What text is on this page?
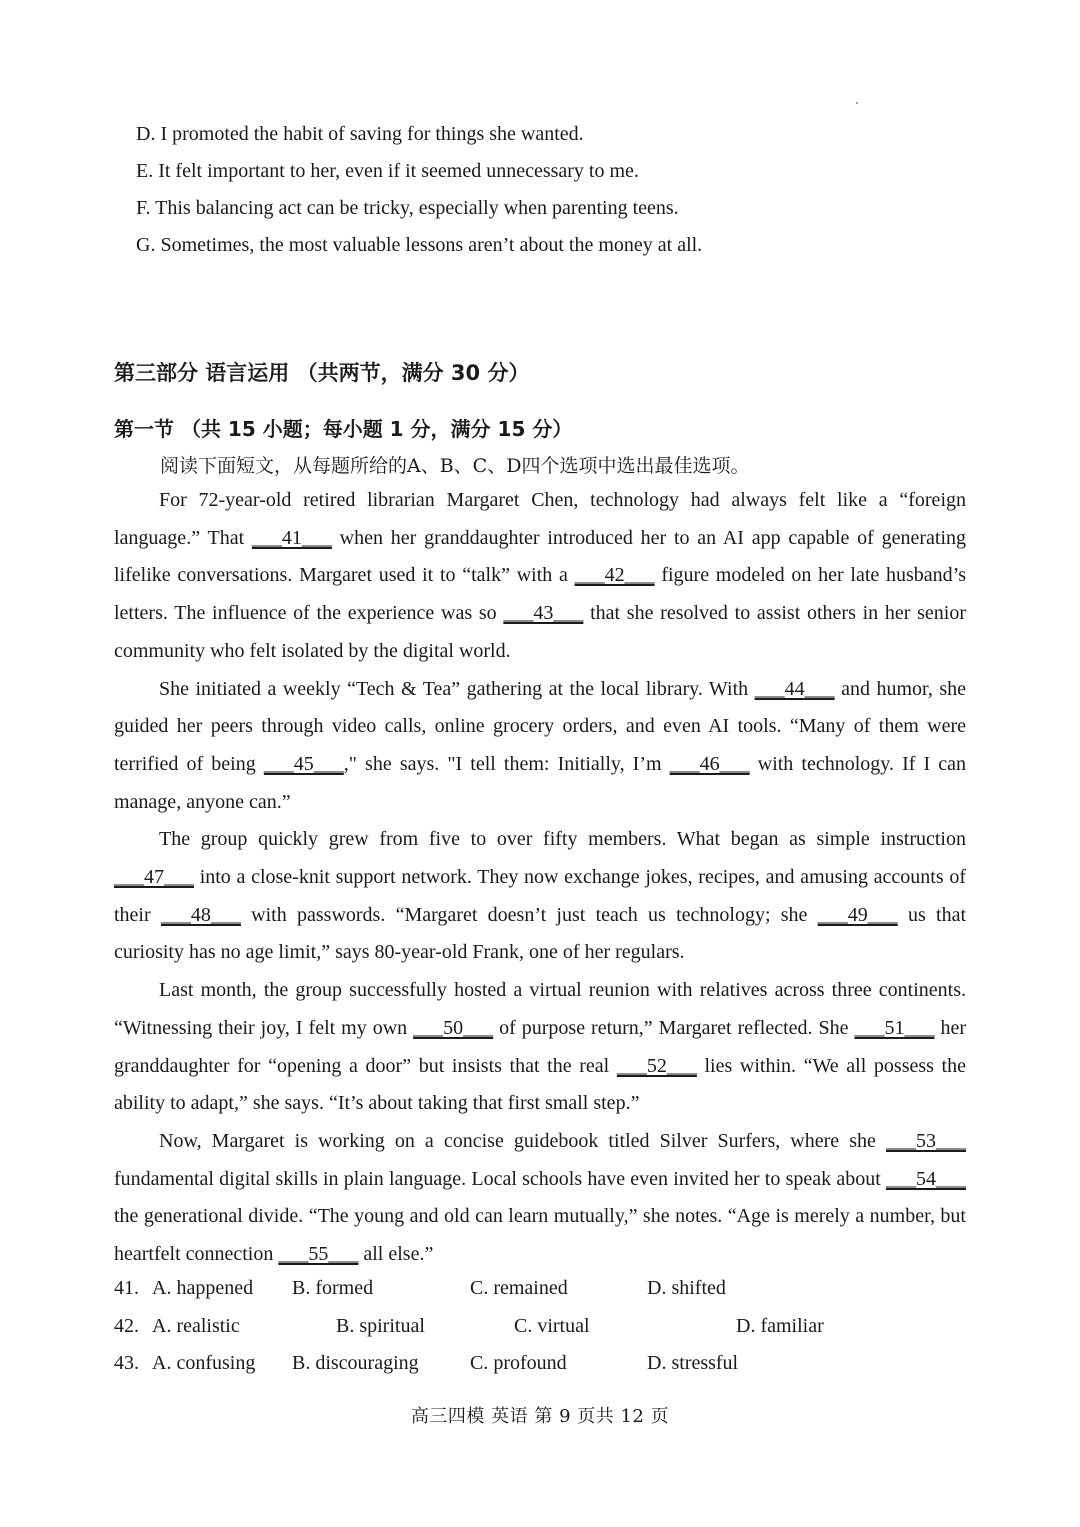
D. I promoted the habit of saving for things she wanted.
E. It felt important to her, even if it seemed unnecessary to me.
F. This balancing act can be tricky, especially when parenting teens.
G. Sometimes, the most valuable lessons aren’t about the money at all.
第三部分 语言运用 （共两节，满分 30 分）
第一节 （共 15 小题；每小题 1 分，满分 15 分）
阅读下面短文，从每题所给的A、B、C、D四个选项中选出最佳选项。

For 72-year-old retired librarian Margaret Chen, technology had always felt like a “foreign language.” That ___41___ when her granddaughter introduced her to an AI app capable of generating lifelike conversations. Margaret used it to “talk” with a ___42___ figure modeled on her late husband’s letters. The influence of the experience was so ___43___ that she resolved to assist others in her senior community who felt isolated by the digital world.

She initiated a weekly “Tech & Tea” gathering at the local library. With ___44___ and humor, she guided her peers through video calls, online grocery orders, and even AI tools. “Many of them were terrified of being ___45___," she says. "I tell them: Initially, I’m ___46___ with technology. If I can manage, anyone can.”

The group quickly grew from five to over fifty members. What began as simple instruction ___47___ into a close-knit support network. They now exchange jokes, recipes, and amusing accounts of their ___48___ with passwords. “Margaret doesn’t just teach us technology; she ___49___ us that curiosity has no age limit,” says 80-year-old Frank, one of her regulars.

Last month, the group successfully hosted a virtual reunion with relatives across three continents. “Witnessing their joy, I felt my own ___50___ of purpose return,” Margaret reflected. She ___51___ her granddaughter for “opening a door” but insists that the real ___52___ lies within. “We all possess the ability to adapt,” she says. “It’s about taking that first small step.”

Now, Margaret is working on a concise guidebook titled Silver Surfers, where she ___53___ fundamental digital skills in plain language. Local schools have even invited her to speak about ___54___ the generational divide. “The young and old can learn mutually,” she notes. “Age is merely a number, but heartfelt connection ___55___ all else.”

41. A. happened B. formed	C. remained	D. shifted
42. A. realistic	B. spiritual	C. virtual	D. familiar
43. A. confusing B. discouraging	C. profound	D. stressful
高三四模 英语 第 9 页共 12 页
